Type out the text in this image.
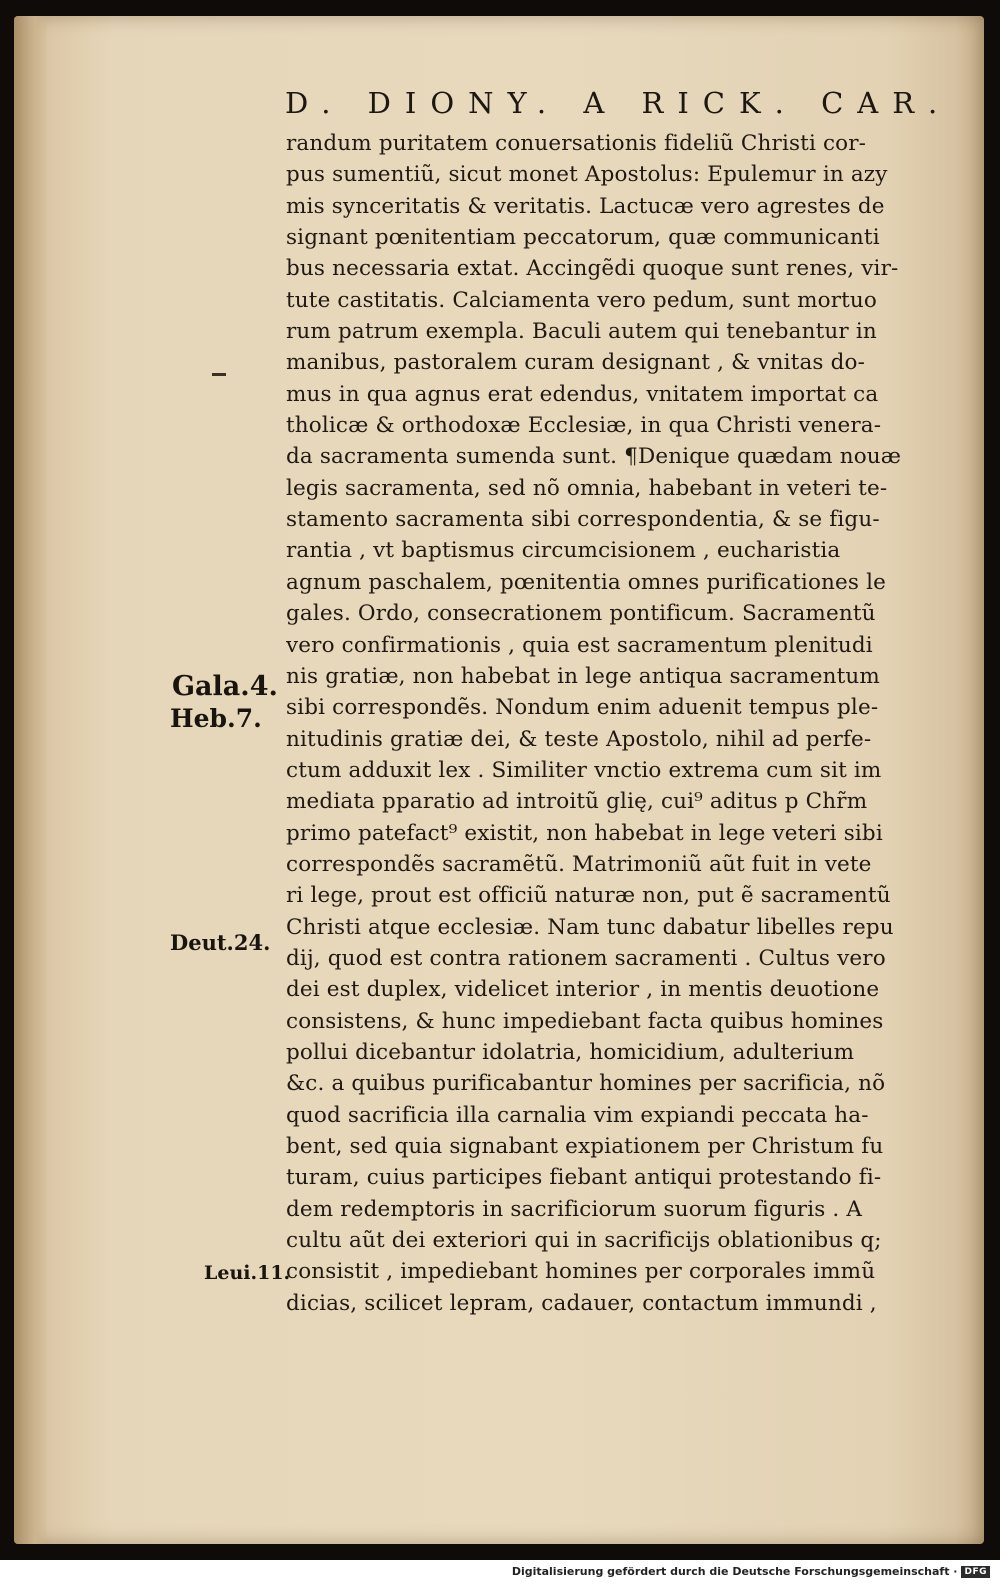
D. DIONY. A RICK. CAR.
Gala.4.
Heb.7.
Deut.24.
Leui.11.
randum puritatem conuersationis fideliũ Christi cor-
pus sumentiũ, sicut monet Apostolus: Epulemur in azy
mis synceritatis & veritatis. Lactucæ vero agrestes de
signant pœnitentiam peccatorum, quæ communicanti
bus necessaria extat. Accingẽdi quoque sunt renes, vir-
tute castitatis. Calciamenta vero pedum, sunt mortuo
rum patrum exempla. Baculi autem qui tenebantur in
manibus, pastoralem curam designant , & vnitas do-
mus in qua agnus erat edendus, vnitatem importat ca
tholicæ & orthodoxæ Ecclesiæ, in qua Christi venera-
da sacramenta sumenda sunt. ¶Denique quædam nouæ
legis sacramenta, sed nõ omnia, habebant in veteri te-
stamento sacramenta sibi correspondentia, & se figu-
rantia , vt baptismus circumcisionem , eucharistia
agnum paschalem, pœnitentia omnes purificationes le
gales. Ordo, consecrationem pontificum. Sacramentũ
vero confirmationis , quia est sacramentum plenitudi
nis gratiæ, non habebat in lege antiqua sacramentum
sibi correspondẽs. Nondum enim aduenit tempus ple-
nitudinis gratiæ dei, & teste Apostolo, nihil ad perfe-
ctum adduxit lex . Similiter vnctio extrema cum sit im
mediata pparatio ad introitũ glię, cui⁹ aditus p Chr̃m
primo patefact⁹ existit, non habebat in lege veteri sibi
correspondẽs sacramẽtũ. Matrimoniũ aũt fuit in vete
ri lege, prout est officiũ naturæ non, put ẽ sacramentũ
Christi atque ecclesiæ. Nam tunc dabatur libelles repu
dij, quod est contra rationem sacramenti . Cultus vero
dei est duplex, videlicet interior , in mentis deuotione
consistens, & hunc impediebant facta quibus homines
pollui dicebantur idolatria, homicidium, adulterium
&c. a quibus purificabantur homines per sacrificia, nõ
quod sacrificia illa carnalia vim expiandi peccata ha-
bent, sed quia signabant expiationem per Christum fu
turam, cuius participes fiebant antiqui protestando fi-
dem redemptoris in sacrificiorum suorum figuris . A
cultu aũt dei exteriori qui in sacrificijs oblationibus q;
consistit , impediebant homines per corporales immũ
dicias, scilicet lepram, cadauer, contactum immundi ,
Digitalisierung gefördert durch die Deutsche Forschungsgemeinschaft · DFG
